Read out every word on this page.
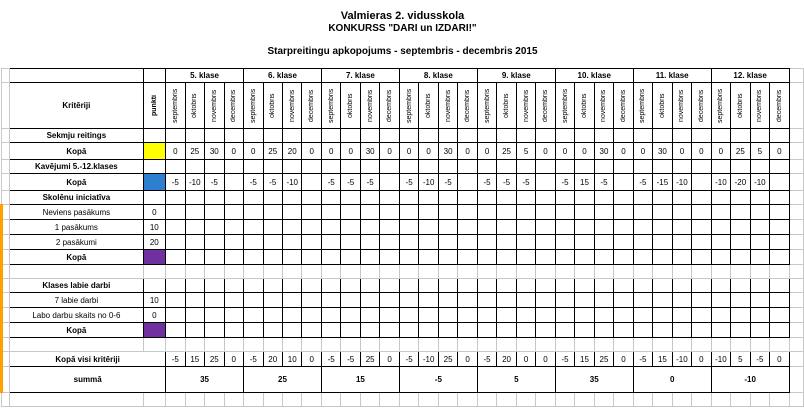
Valmieras 2. vidusskola																																			

KONKURSS "DARI un IZDARI!"																																			

Starpreitingu apkopojums - septembris - decembris 2015																																			

			5. klase				6. klase				7. klase				8. klase				9. klase				10. klase				11. klase				12. klase				
	Kritēriji	punkti	septembris	oktobris	novembris	decembris	septembris	oktobris	novembris	decembris	septembris	oktobris	novembris	decembris	septembris	oktobris	novembris	decembris	septembris	oktobris	novembris	decembris	septembris	oktobris	novembris	decembris	septembris	oktobris	novembris	decembris	septembris	oktobris	novembris	decembris	

	Sekmju reitings																																		
	Kopā		0	25	30	0	0	25	20	0	0	0	30	0	0	0	30	0	0	25	5	0	0	0	30	0	0	30	0	0	0	25	5	0	
	Kavējumi 5.-12.klases																																		
	Kopā		-5	-10	-5		-5	-5	-10		-5	-5	-5		-5	-10	-5		-5	-5	-5		-5	15	-5		-5	-15	-10		-10	-20	-10		
	Skolēnu iniciatīva																																		
	Neviens pasākums	0																																	
	1 pasākums	10																																	
	2 pasākumi	20																																	
	Kopā																																		

	Klases labie darbi																																		
	7 labie darbi	10																																	
	Labo darbu skaits no 0-6	0																																	
	Kopā																																		

	Kopā visi kritēriji		-5	15	25	0	-5	20	10	0	-5	-5	25	0	-5	-10	25	0	-5	20	0	0	-5	15	25	0	-5	15	-10	0	-10	5	-5	0	
	summā		35				25				15				-5				5				35				0				-10				
